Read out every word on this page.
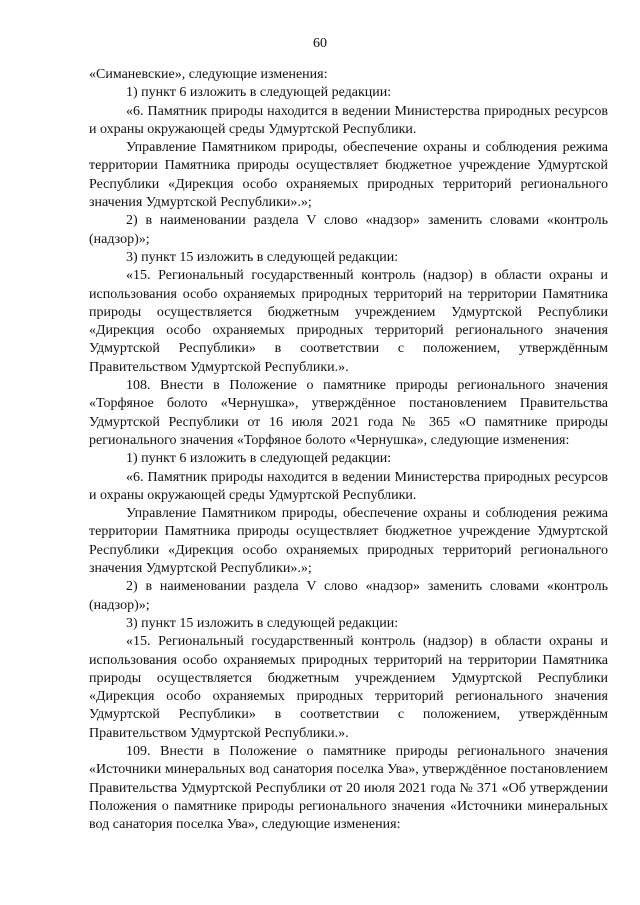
60

«Симаневские», следующие изменения:

1) пункт 6 изложить в следующей редакции:

«6. Памятник природы находится в ведении Министерства природных ресурсов и охраны окружающей среды Удмуртской Республики.

Управление Памятником природы, обеспечение охраны и соблюдения режима территории Памятника природы осуществляет бюджетное учреждение Удмуртской Республики «Дирекция особо охраняемых природных территорий регионального значения Удмуртской Республики».»;

2) в наименовании раздела V слово «надзор» заменить словами «контроль (надзор)»;

3) пункт 15 изложить в следующей редакции:

«15. Региональный государственный контроль (надзор) в области охраны и использования особо охраняемых природных территорий на территории Памятника природы осуществляется бюджетным учреждением Удмуртской Республики «Дирекция особо охраняемых природных территорий регионального значения Удмуртской Республики» в соответствии с положением, утверждённым Правительством Удмуртской Республики.».

108. Внести в Положение о памятнике природы регионального значения «Торфяное болото «Чернушка», утверждённое постановлением Правительства Удмуртской Республики от 16 июля 2021 года № 365 «О памятнике природы регионального значения «Торфяное болото «Чернушка», следующие изменения:

1) пункт 6 изложить в следующей редакции:

«6. Памятник природы находится в ведении Министерства природных ресурсов и охраны окружающей среды Удмуртской Республики.

Управление Памятником природы, обеспечение охраны и соблюдения режима территории Памятника природы осуществляет бюджетное учреждение Удмуртской Республики «Дирекция особо охраняемых природных территорий регионального значения Удмуртской Республики».»;

2) в наименовании раздела V слово «надзор» заменить словами «контроль (надзор)»;

3) пункт 15 изложить в следующей редакции:

«15. Региональный государственный контроль (надзор) в области охраны и использования особо охраняемых природных территорий на территории Памятника природы осуществляется бюджетным учреждением Удмуртской Республики «Дирекция особо охраняемых природных территорий регионального значения Удмуртской Республики» в соответствии с положением, утверждённым Правительством Удмуртской Республики.».

109. Внести в Положение о памятнике природы регионального значения «Источники минеральных вод санатория поселка Ува», утверждённое постановлением Правительства Удмуртской Республики от 20 июля 2021 года № 371 «Об утверждении Положения о памятнике природы регионального значения «Источники минеральных вод санатория поселка Ува», следующие изменения:
